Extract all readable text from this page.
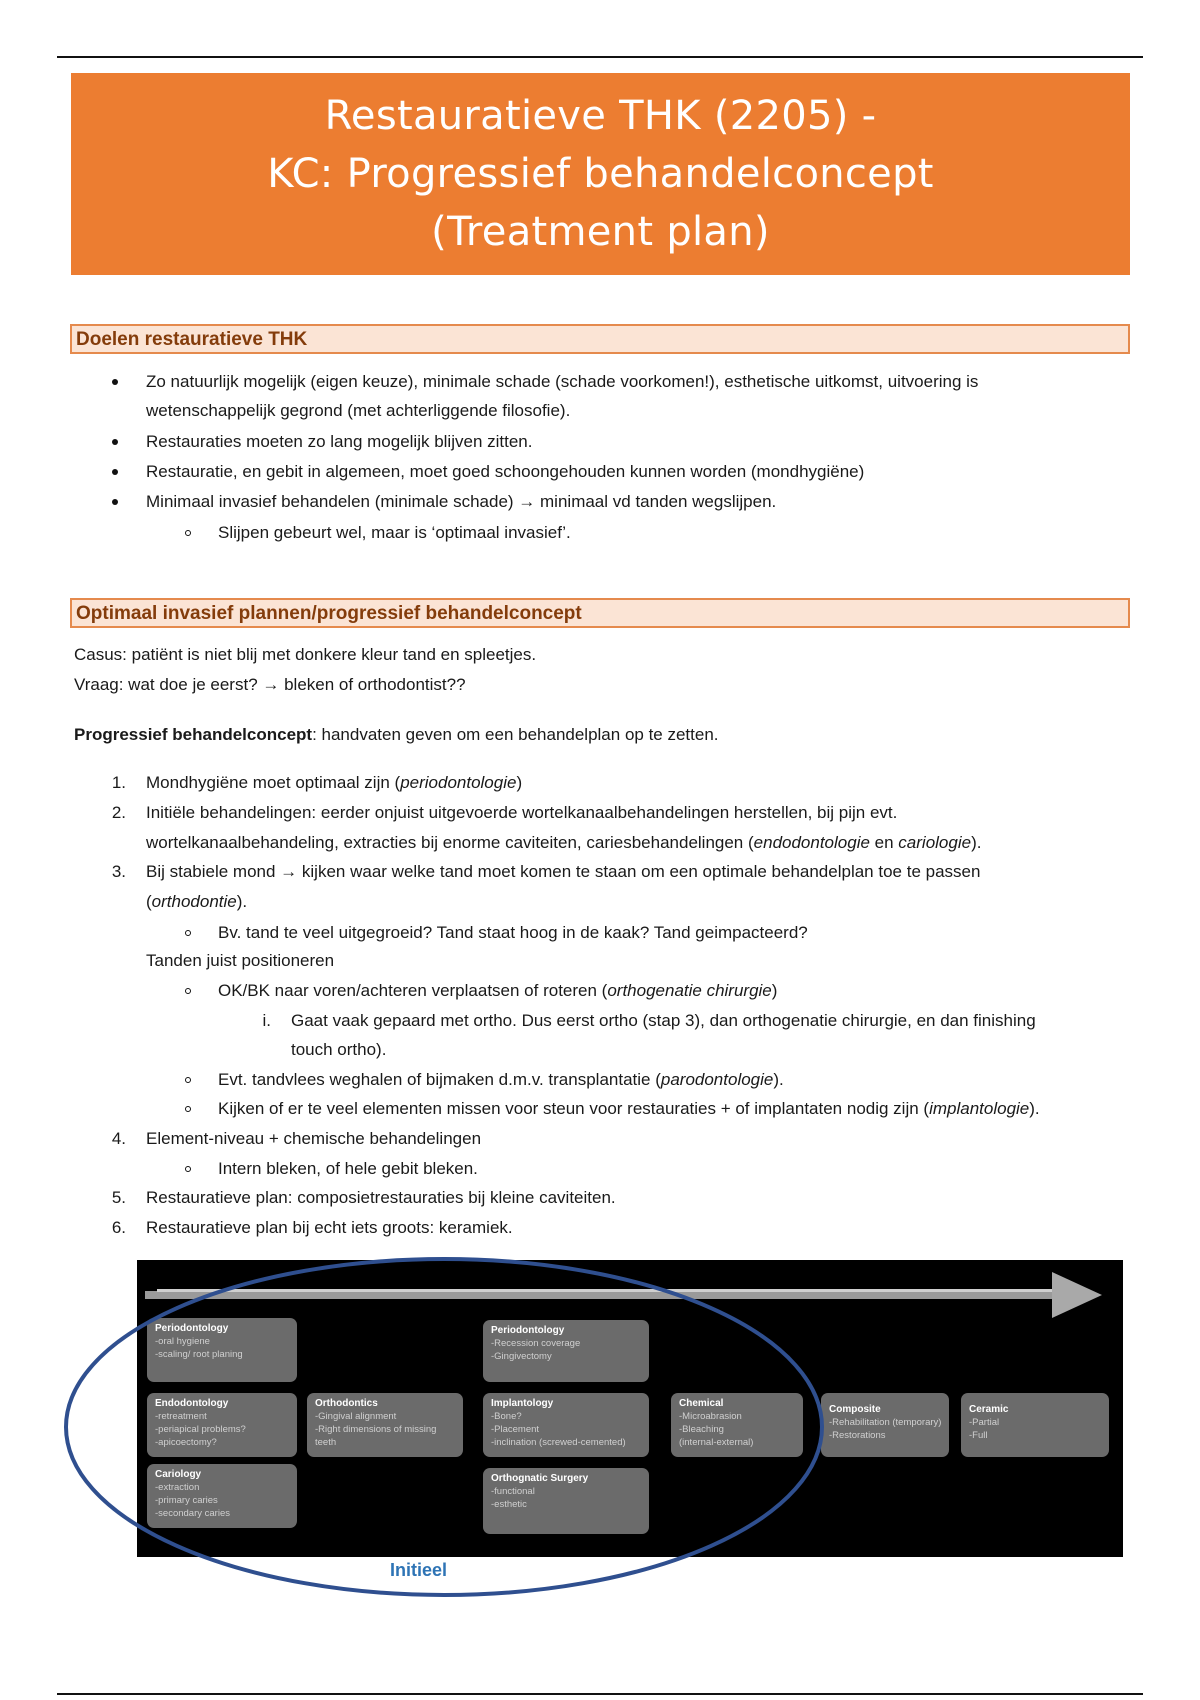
Restauratieve THK (2205) -
KC: Progressief behandelconcept
(Treatment plan)
Doelen restauratieve THK
Zo natuurlijk mogelijk (eigen keuze), minimale schade (schade voorkomen!), esthetische uitkomst, uitvoering is
wetenschappelijk gegrond (met achterliggende filosofie).
Restauraties moeten zo lang mogelijk blijven zitten.
Restauratie, en gebit in algemeen, moet goed schoongehouden kunnen worden (mondhygiëne)
Minimaal invasief behandelen (minimale schade) → minimaal vd tanden wegslijpen.
Slijpen gebeurt wel, maar is ‘optimaal invasief’.
Optimaal invasief plannen/progressief behandelconcept
Casus: patiënt is niet blij met donkere kleur tand en spleetjes.
Vraag: wat doe je eerst? → bleken of orthodontist??
Progressief behandelconcept: handvaten geven om een behandelplan op te zetten.
1. Mondhygiëne moet optimaal zijn (periodontologie)
2. Initiële behandelingen: eerder onjuist uitgevoerde wortelkanaalbehandelingen herstellen, bij pijn evt.
wortelkanaalbehandeling, extracties bij enorme caviteiten, cariesbehandelingen (endodontologie en cariologie).
3. Bij stabiele mond → kijken waar welke tand moet komen te staan om een optimale behandelplan toe te passen
(orthodontie).
Bv. tand te veel uitgegroeid? Tand staat hoog in de kaak? Tand geimpacteerd?
Tanden juist positioneren
OK/BK naar voren/achteren verplaatsen of roteren (orthogenatie chirurgie)
i. Gaat vaak gepaard met ortho. Dus eerst ortho (stap 3), dan orthogenatie chirurgie, en dan finishing
touch ortho).
Evt. tandvlees weghalen of bijmaken d.m.v. transplantatie (parodontologie).
Kijken of er te veel elementen missen voor steun voor restauraties + of implantaten nodig zijn (implantologie).
4. Element-niveau + chemische behandelingen
Intern bleken, of hele gebit bleken.
5. Restauratieve plan: composietrestauraties bij kleine caviteiten.
6. Restauratieve plan bij echt iets groots: keramiek.
Periodontology
-oral hygiene
-scaling/ root planing
Endodontology
-retreatment
-periapical problems?
-apicoectomy?
Cariology
-extraction
-primary caries
-secondary caries
Orthodontics
-Gingival alignment
-Right dimensions of missing
teeth
Periodontology
-Recession coverage
-Gingivectomy
Implantology
-Bone?
-Placement
-inclination (screwed-cemented)
Orthognatic Surgery
-functional
-esthetic
Chemical
-Microabrasion
-Bleaching
(internal-external)
Composite
-Rehabilitation (temporary)
-Restorations
Ceramic
-Partial
-Full
Initieel
